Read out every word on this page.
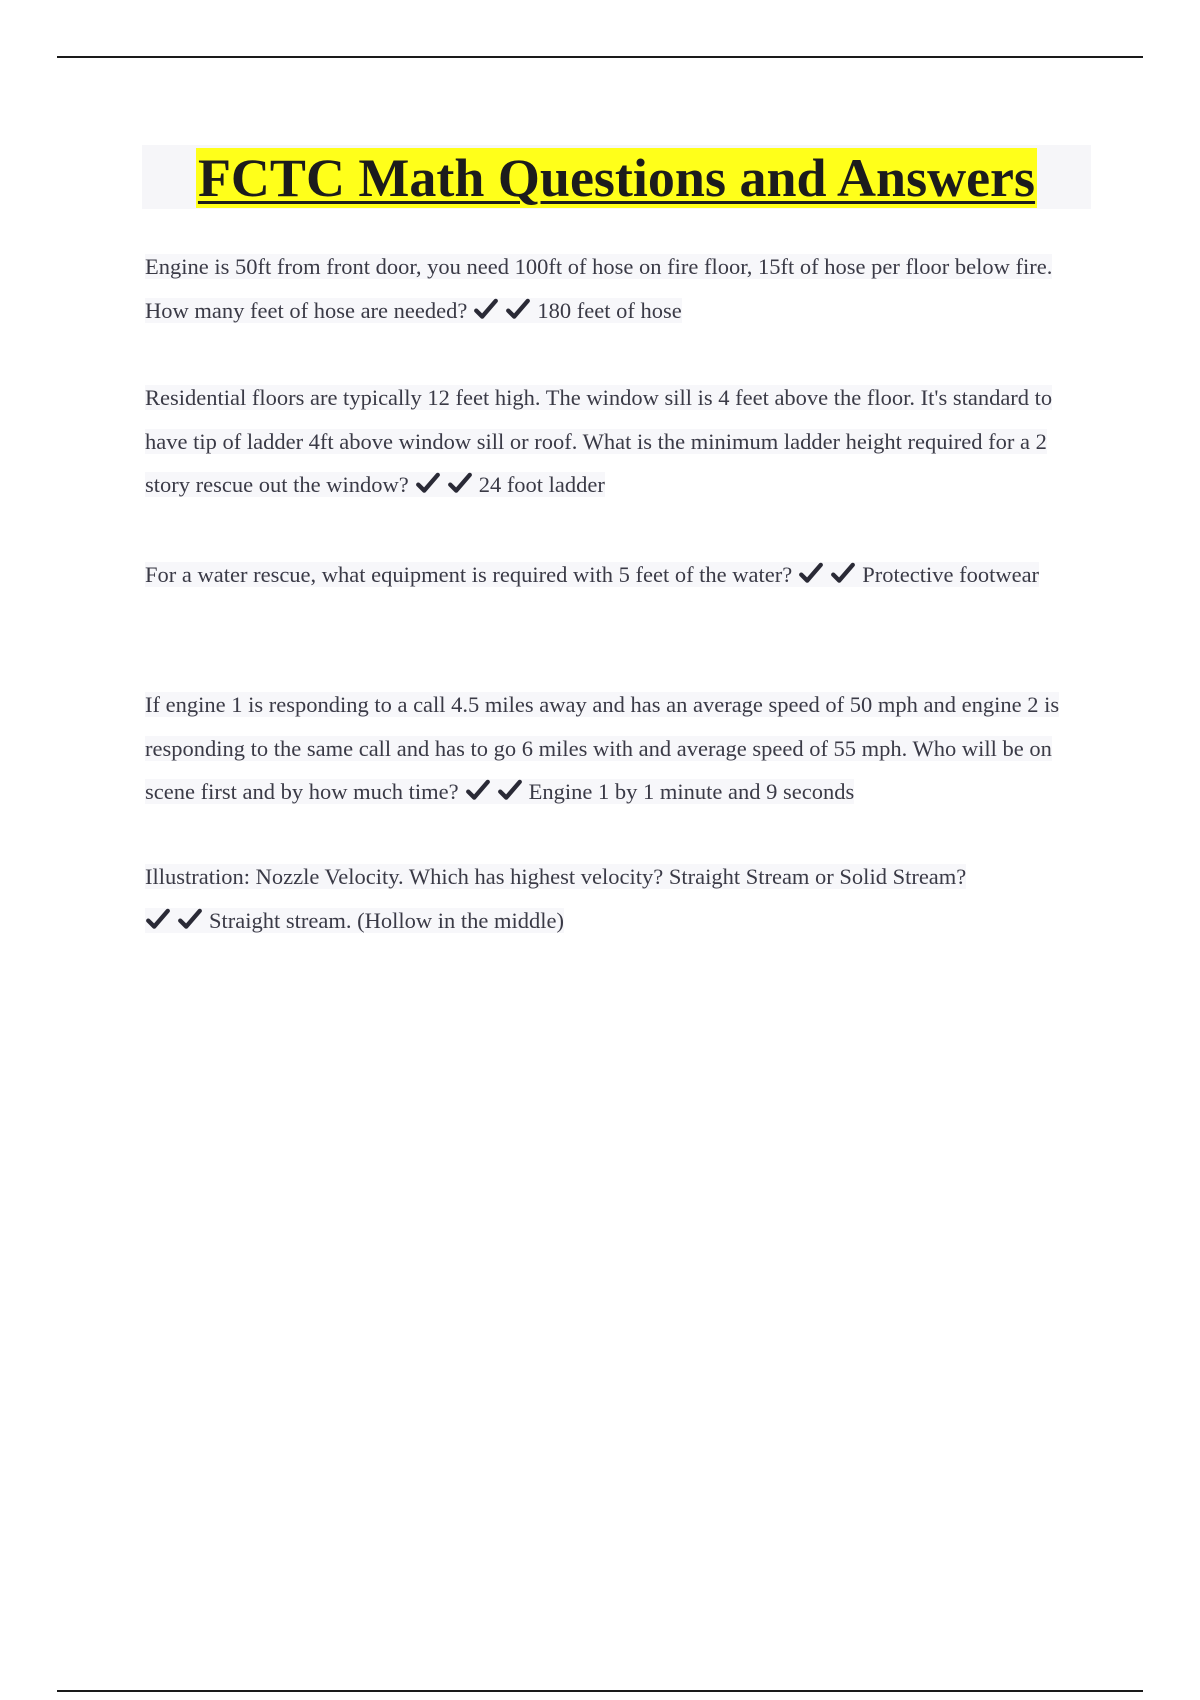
FCTC Math Questions and Answers

Engine is 50ft from front door, you need 100ft of hose on fire floor, 15ft of hose per floor below fire. How many feet of hose are needed?	180 feet of hose

Residential floors are typically 12 feet high. The window sill is 4 feet above the floor. It's standard to have tip of ladder 4ft above window sill or roof. What is the minimum ladder height required for a 2 story rescue out the window?	24 foot ladder

For a water rescue, what equipment is required with 5 feet of the water?	Protective footwear

If engine 1 is responding to a call 4.5 miles away and has an average speed of 50 mph and engine 2 is responding to the same call and has to go 6 miles with and average speed of 55 mph. Who will be on scene first and by how much time?	Engine 1 by 1 minute and 9 seconds

Illustration: Nozzle Velocity. Which has highest velocity? Straight Stream or Solid Stream?

Straight stream. (Hollow in the middle)
